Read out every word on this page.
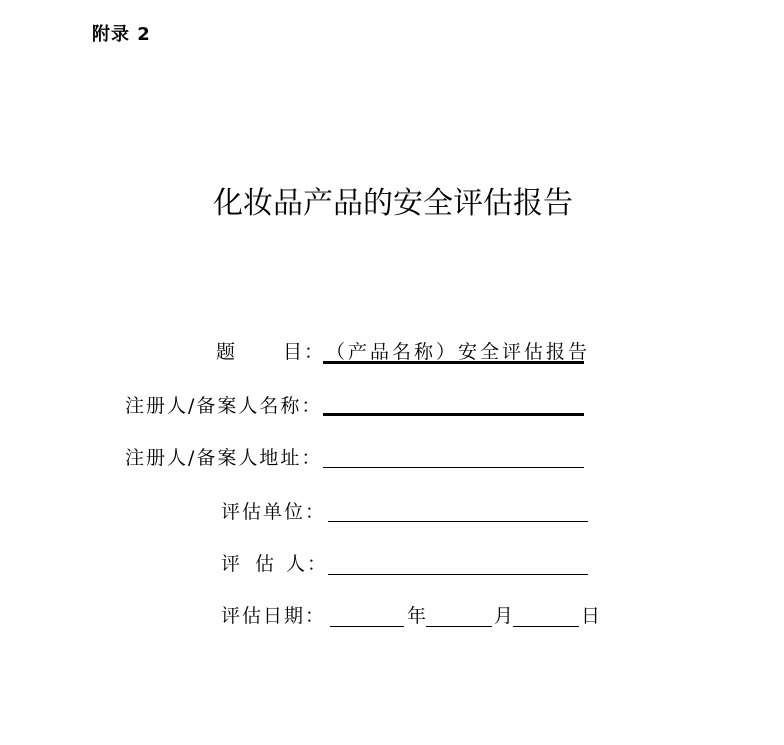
附录 2
化妆品产品的安全评估报告
题 目： （产品名称）安全评估报告
注册人/备案人名称：
注册人/备案人地址：
评估单位：
评 估 人：
评估日期：	年	月	日
